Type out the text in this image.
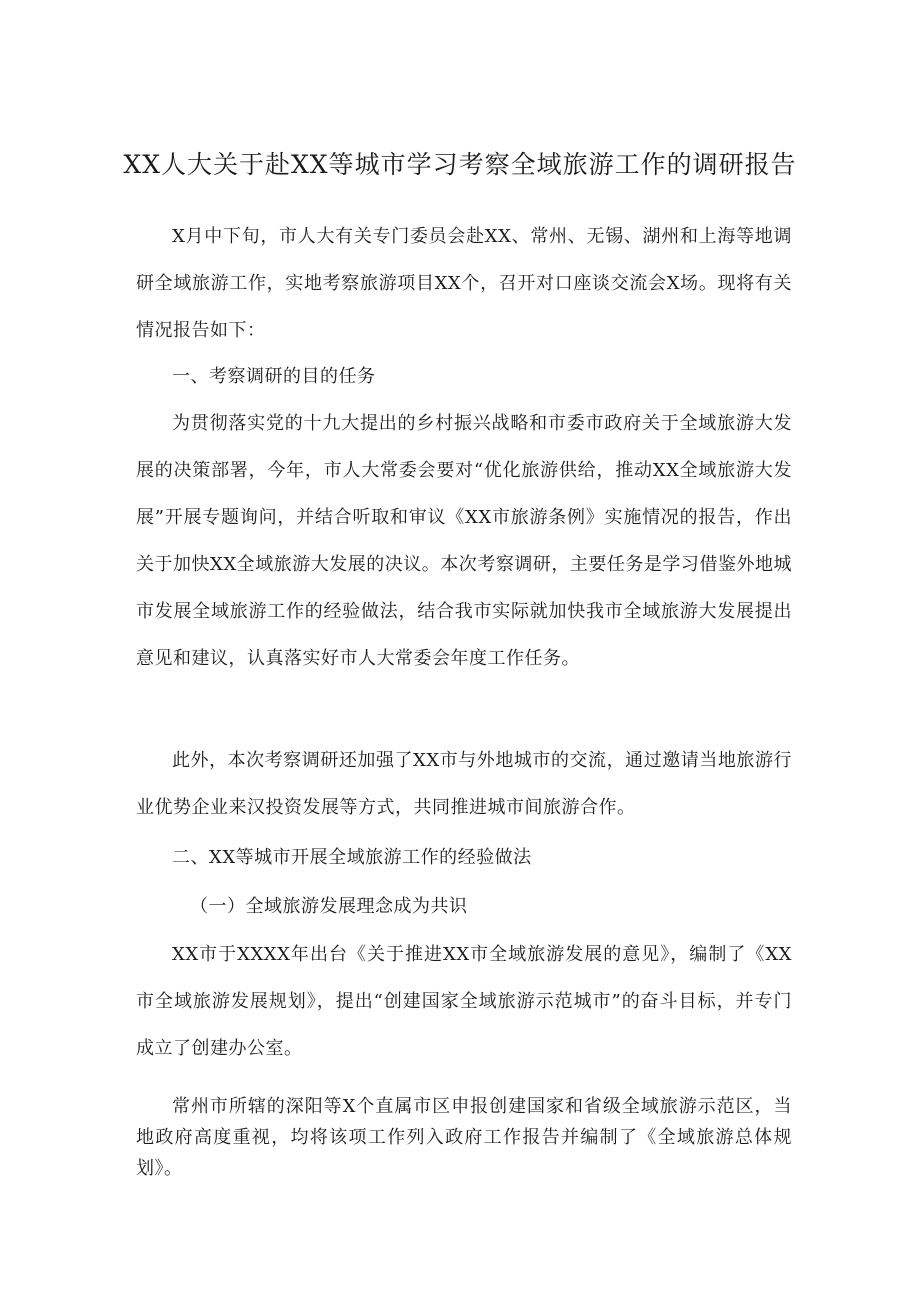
XX人大关于赴XX等城市学习考察全域旅游工作的调研报告

X月中下旬，市人大有关专门委员会赴XX、常州、无锡、湖州和上海等地调研全域旅游工作，实地考察旅游项目XX个，召开对口座谈交流会X场。现将有关情况报告如下：

一、考察调研的目的任务

为贯彻落实党的十九大提出的乡村振兴战略和市委市政府关于全域旅游大发展的决策部署，今年，市人大常委会要对“优化旅游供给，推动XX全域旅游大发展”开展专题询问，并结合听取和审议《XX市旅游条例》实施情况的报告，作出关于加快XX全域旅游大发展的决议。本次考察调研，主要任务是学习借鉴外地城市发展全域旅游工作的经验做法，结合我市实际就加快我市全域旅游大发展提出意见和建议，认真落实好市人大常委会年度工作任务。

此外，本次考察调研还加强了XX市与外地城市的交流，通过邀请当地旅游行业优势企业来汉投资发展等方式，共同推进城市间旅游合作。

二、XX等城市开展全域旅游工作的经验做法

（一）全域旅游发展理念成为共识

XX市于XXXX年出台《关于推进XX市全域旅游发展的意见》，编制了《XX市全域旅游发展规划》，提出“创建国家全域旅游示范城市”的奋斗目标，并专门成立了创建办公室。

常州市所辖的深阳等X个直属市区申报创建国家和省级全域旅游示范区，当地政府高度重视，均将该项工作列入政府工作报告并编制了《全域旅游总体规划》。
